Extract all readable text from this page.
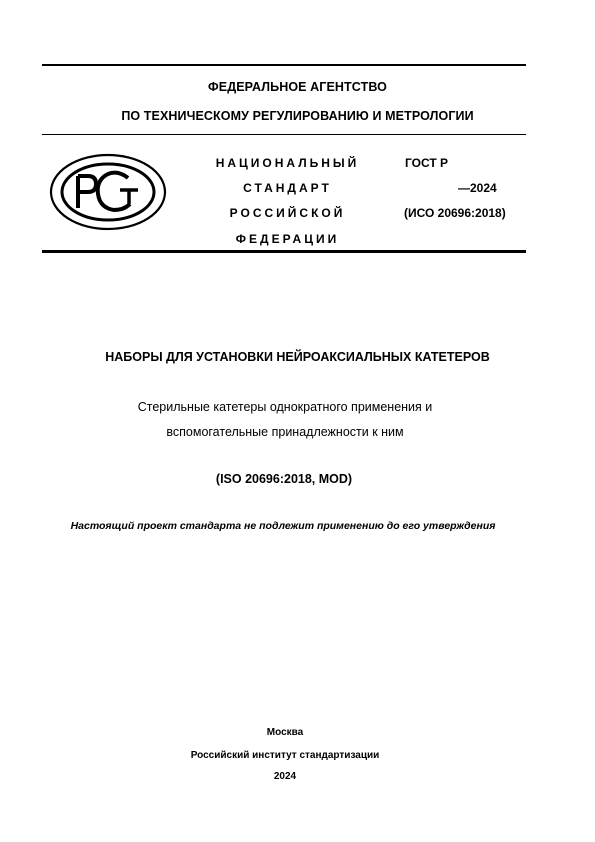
ФЕДЕРАЛЬНОЕ АГЕНТСТВО
ПО ТЕХНИЧЕСКОМУ РЕГУЛИРОВАНИЮ И МЕТРОЛОГИИ
НАЦИОНАЛЬНЫЙ
СТАНДАРТ
РОССИЙСКОЙ
ФЕДЕРАЦИИ
ГОСТ Р
—2024
(ИСО 20696:2018)
НАБОРЫ ДЛЯ УСТАНОВКИ НЕЙРОАКСИАЛЬНЫХ КАТЕТЕРОВ
Стерильные катетеры однократного применения и
вспомогательные принадлежности к ним
(ISO 20696:2018, MOD)
Настоящий проект стандарта не подлежит применению до его утверждения
Москва
Российский институт стандартизации
2024
